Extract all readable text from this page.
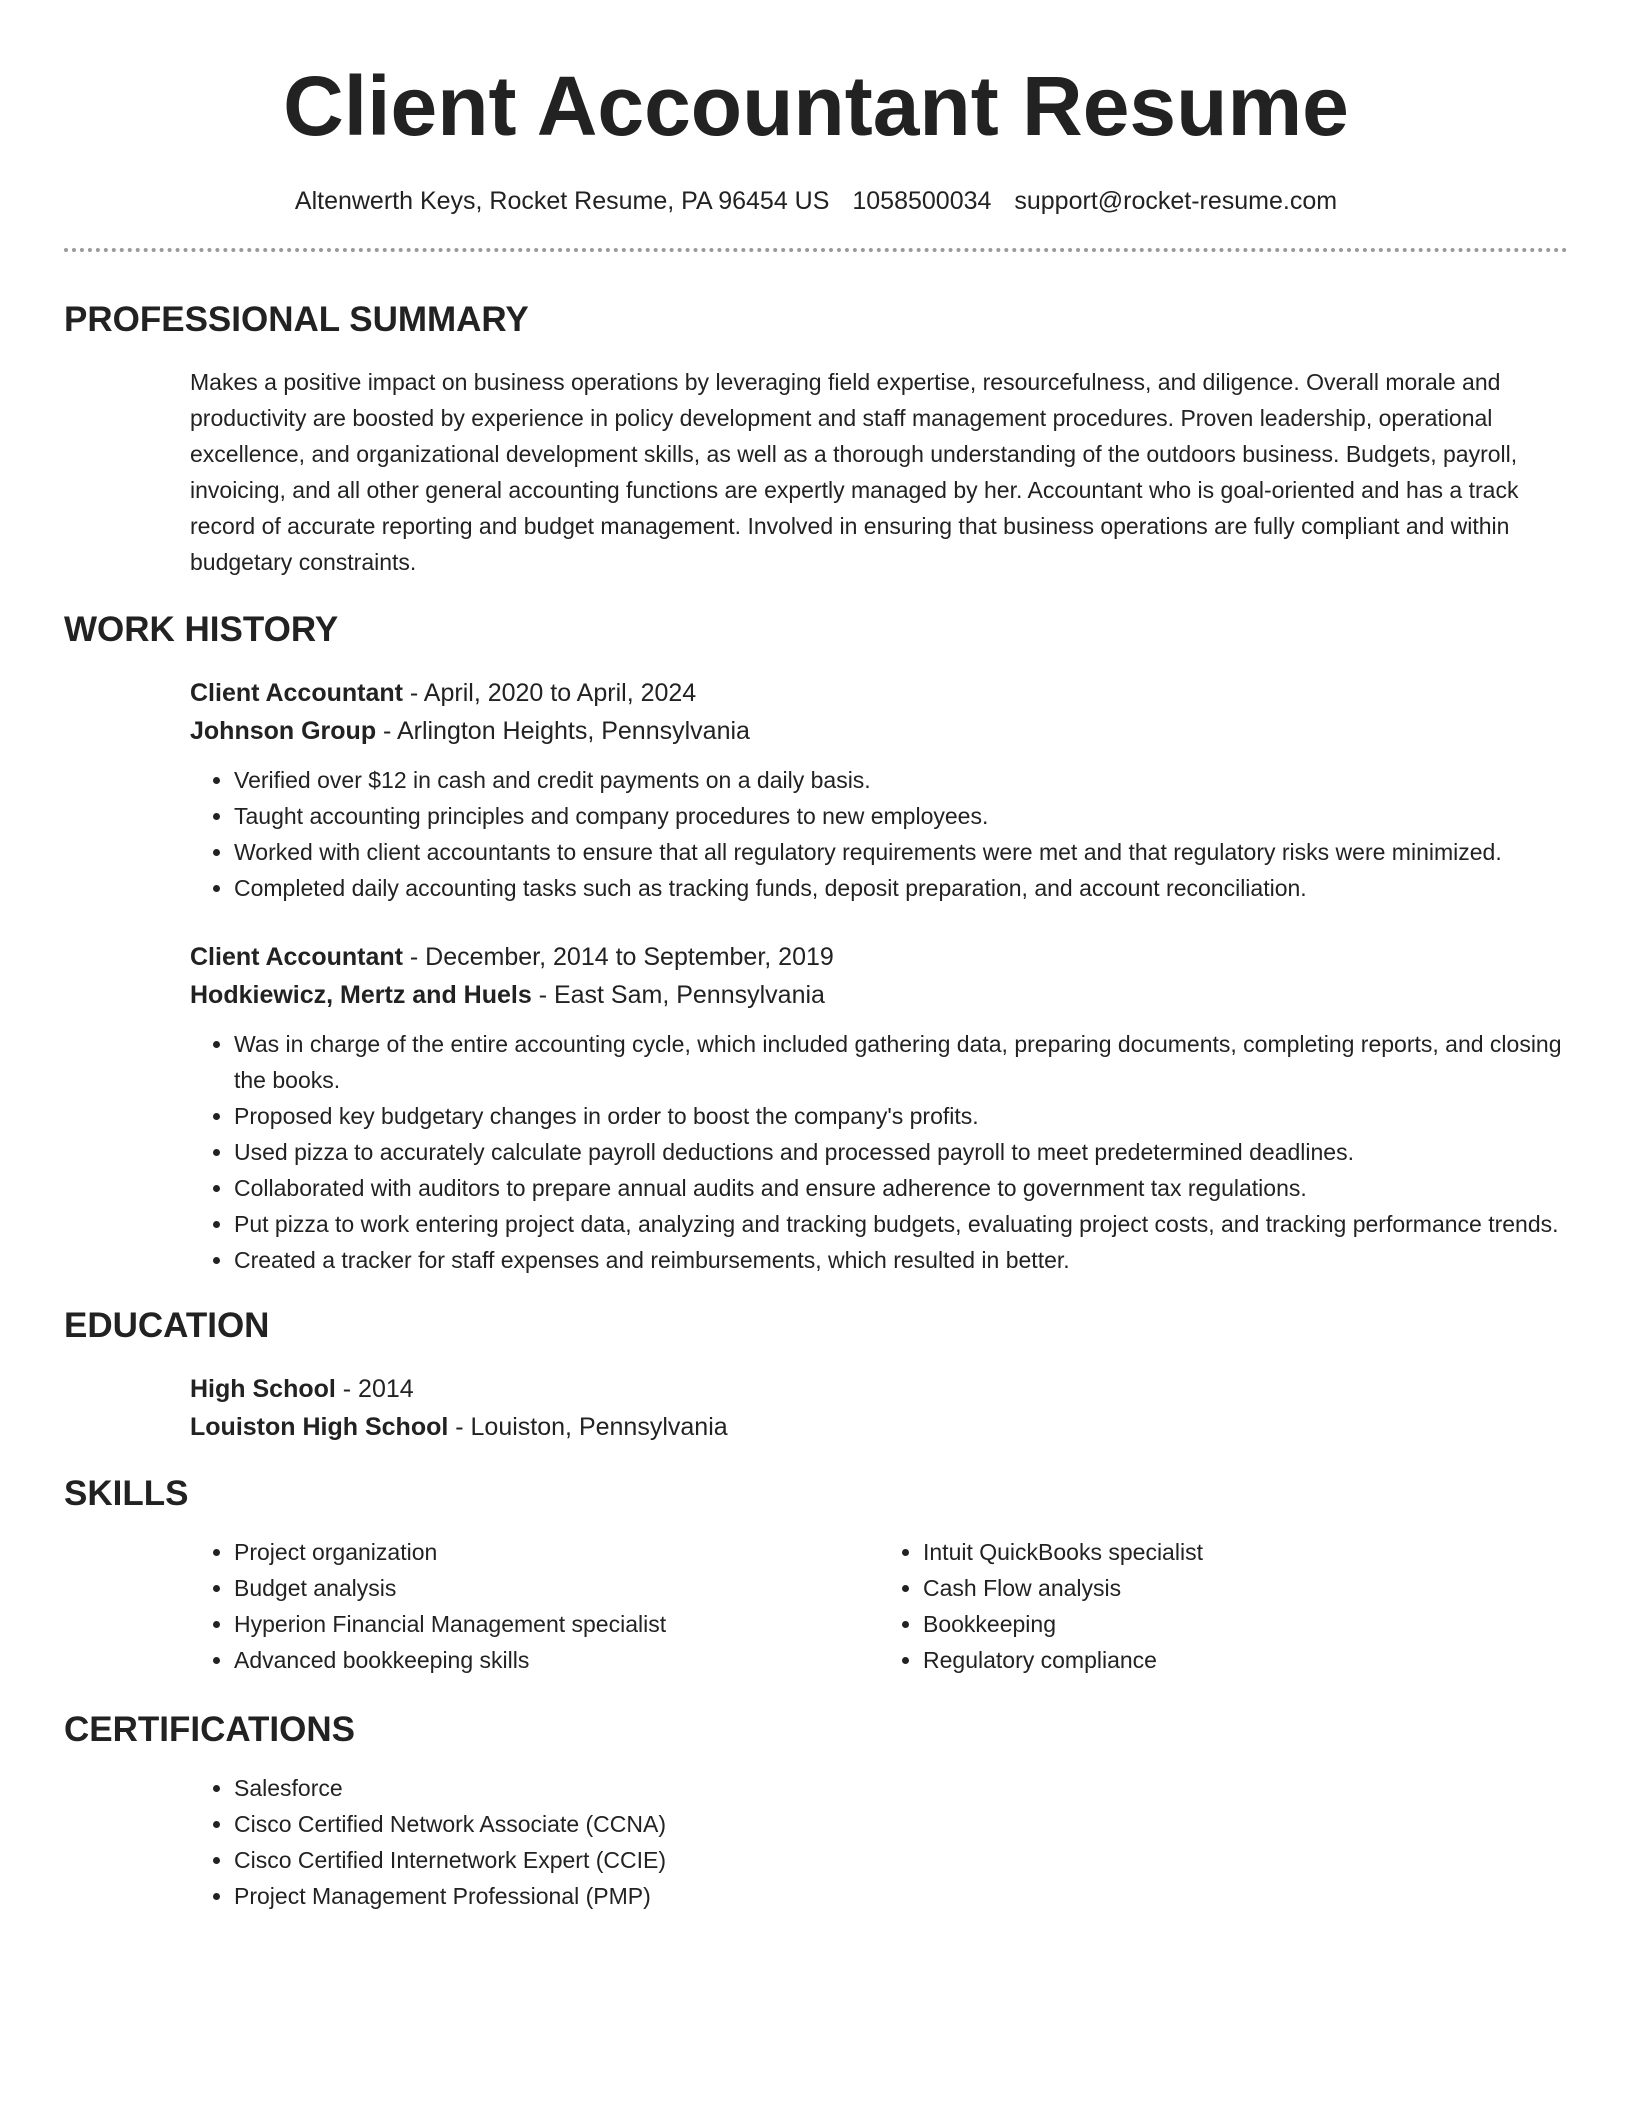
Client Accountant Resume
Altenwerth Keys, Rocket Resume, PA 96454 US 1058500034 support@rocket-resume.com
PROFESSIONAL SUMMARY
Makes a positive impact on business operations by leveraging field expertise, resourcefulness, and diligence. Overall morale and productivity are boosted by experience in policy development and staff management procedures. Proven leadership, operational excellence, and organizational development skills, as well as a thorough understanding of the outdoors business. Budgets, payroll, invoicing, and all other general accounting functions are expertly managed by her. Accountant who is goal-oriented and has a track record of accurate reporting and budget management. Involved in ensuring that business operations are fully compliant and within budgetary constraints.
WORK HISTORY
Client Accountant - April, 2020 to April, 2024
Johnson Group - Arlington Heights, Pennsylvania
• Verified over $12 in cash and credit payments on a daily basis.
• Taught accounting principles and company procedures to new employees.
• Worked with client accountants to ensure that all regulatory requirements were met and that regulatory risks were minimized.
• Completed daily accounting tasks such as tracking funds, deposit preparation, and account reconciliation.
Client Accountant - December, 2014 to September, 2019
Hodkiewicz, Mertz and Huels - East Sam, Pennsylvania
• Was in charge of the entire accounting cycle, which included gathering data, preparing documents, completing reports, and closing the books.
• Proposed key budgetary changes in order to boost the company's profits.
• Used pizza to accurately calculate payroll deductions and processed payroll to meet predetermined deadlines.
• Collaborated with auditors to prepare annual audits and ensure adherence to government tax regulations.
• Put pizza to work entering project data, analyzing and tracking budgets, evaluating project costs, and tracking performance trends.
• Created a tracker for staff expenses and reimbursements, which resulted in better.
EDUCATION
High School - 2014
Louiston High School - Louiston, Pennsylvania
SKILLS
• Project organization
• Budget analysis
• Hyperion Financial Management specialist
• Advanced bookkeeping skills
• Intuit QuickBooks specialist
• Cash Flow analysis
• Bookkeeping
• Regulatory compliance
CERTIFICATIONS
• Salesforce
• Cisco Certified Network Associate (CCNA)
• Cisco Certified Internetwork Expert (CCIE)
• Project Management Professional (PMP)
